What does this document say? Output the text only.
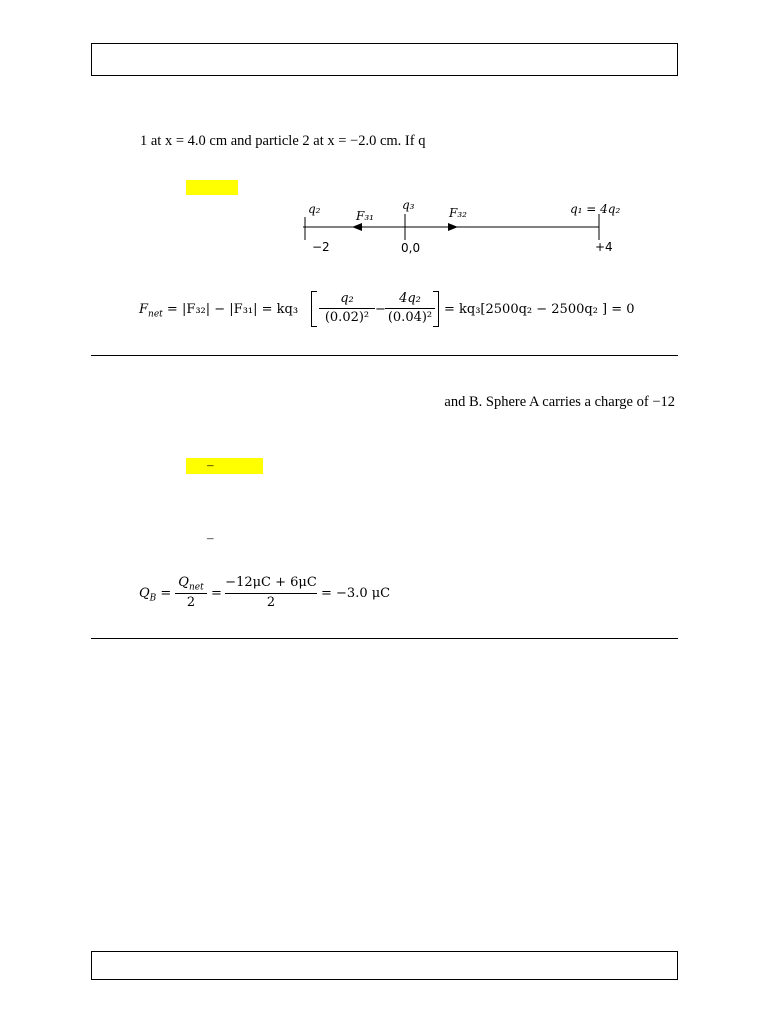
1 at x = 4.0 cm and particle 2 at x = −2.0 cm. If q
q₂	q₃	q₁ = 4q₂
F₃₁	F₃₂
−2	0,0	+4
$F_{net} = |F_{32}| - |F_{31}| = kq_3$
q₂
(0.02)²
−
4q₂
(0.04)²
= kq₃[2500q₂ − 2500q₂ ] = 0
and B. Sphere A carries a charge of −12
–
–
$Q_B$ =
$Q_{net}$
2
=
−12μC + 6μC
2
= −3.0 μC
